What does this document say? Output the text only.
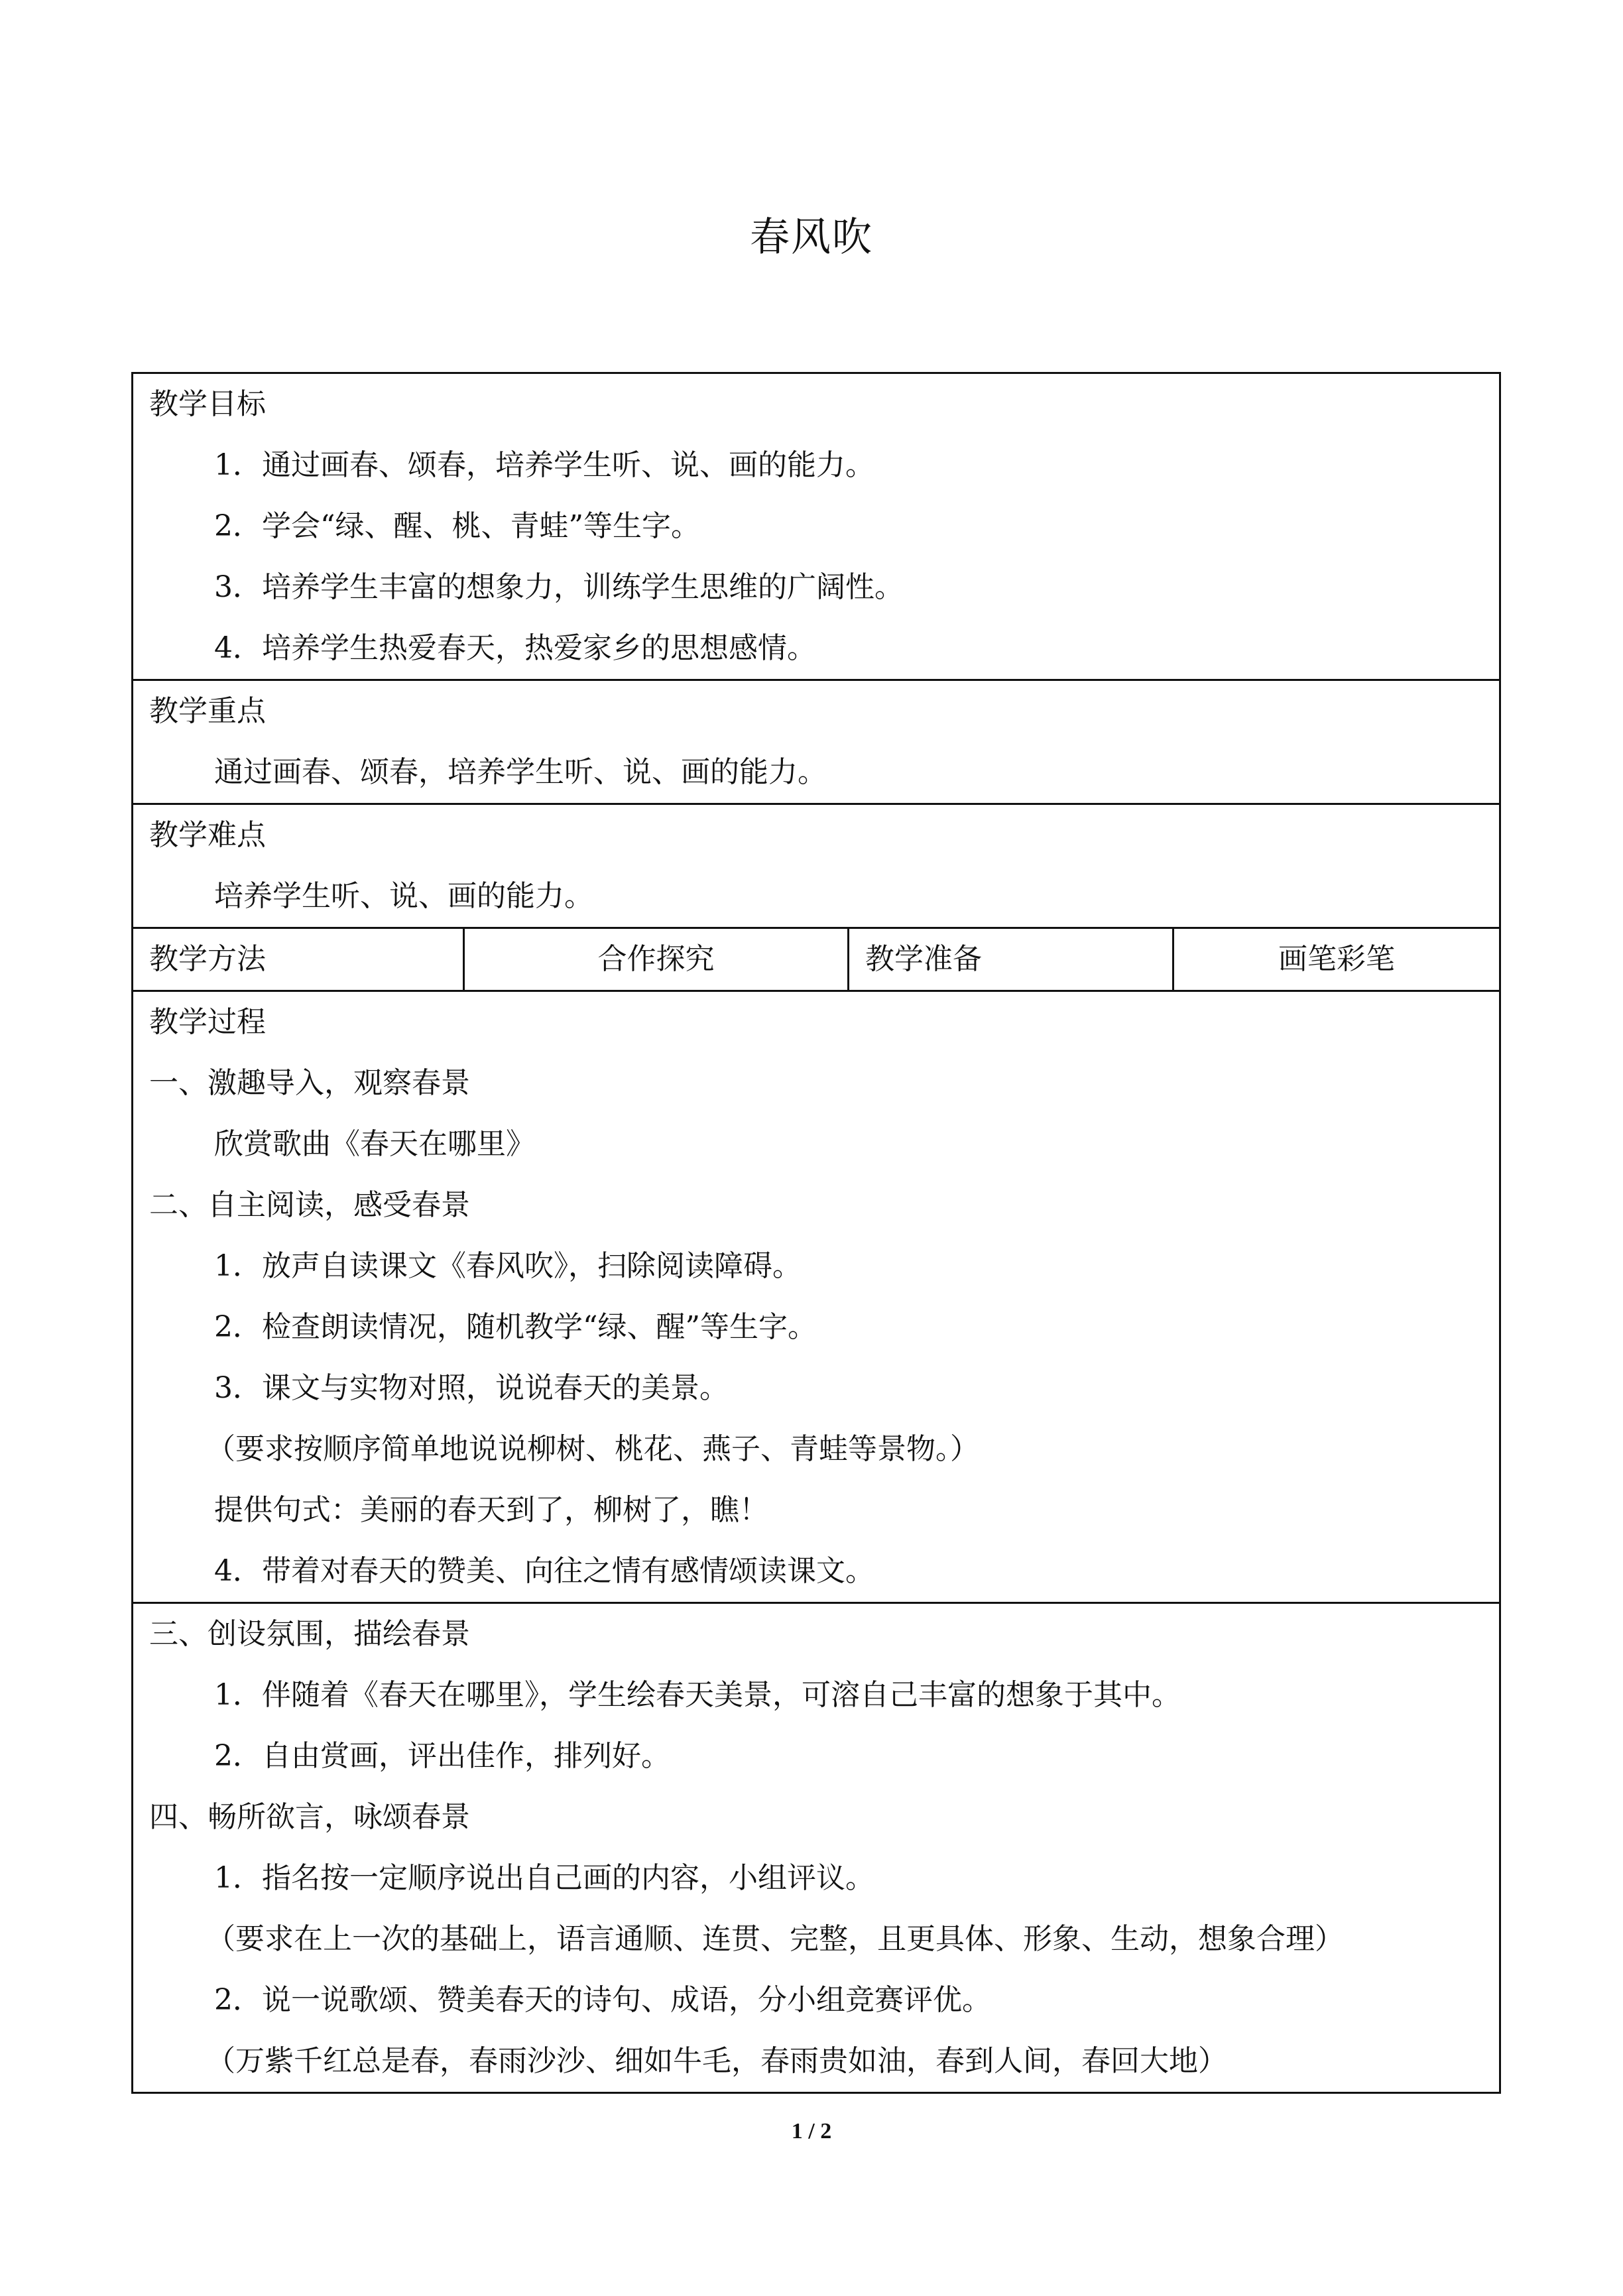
春风吹
教学目标
1．通过画春、颂春，培养学生听、说、画的能力。
2．学会“绿、醒、桃、青蛙”等生字。
3．培养学生丰富的想象力，训练学生思维的广阔性。
4．培养学生热爱春天，热爱家乡的思想感情。
教学重点
通过画春、颂春，培养学生听、说、画的能力。
教学难点
培养学生听、说、画的能力。
教学方法	合作探究	教学准备	画笔彩笔
教学过程
一、激趣导入，观察春景
欣赏歌曲《春天在哪里》
二、自主阅读，感受春景
1．放声自读课文《春风吹》，扫除阅读障碍。
2．检查朗读情况，随机教学“绿、醒”等生字。
3．课文与实物对照，说说春天的美景。
（要求按顺序简单地说说柳树、桃花、燕子、青蛙等景物。）
提供句式：美丽的春天到了，柳树了，瞧！
4．带着对春天的赞美、向往之情有感情颂读课文。
三、创设氛围，描绘春景
1．伴随着《春天在哪里》，学生绘春天美景，可溶自己丰富的想象于其中。
2．自由赏画，评出佳作，排列好。
四、畅所欲言，咏颂春景
1．指名按一定顺序说出自己画的内容，小组评议。
（要求在上一次的基础上，语言通顺、连贯、完整，且更具体、形象、生动，想象合理）
2．说一说歌颂、赞美春天的诗句、成语，分小组竞赛评优。
（万紫千红总是春，春雨沙沙、细如牛毛，春雨贵如油，春到人间，春回大地）
1 / 2
